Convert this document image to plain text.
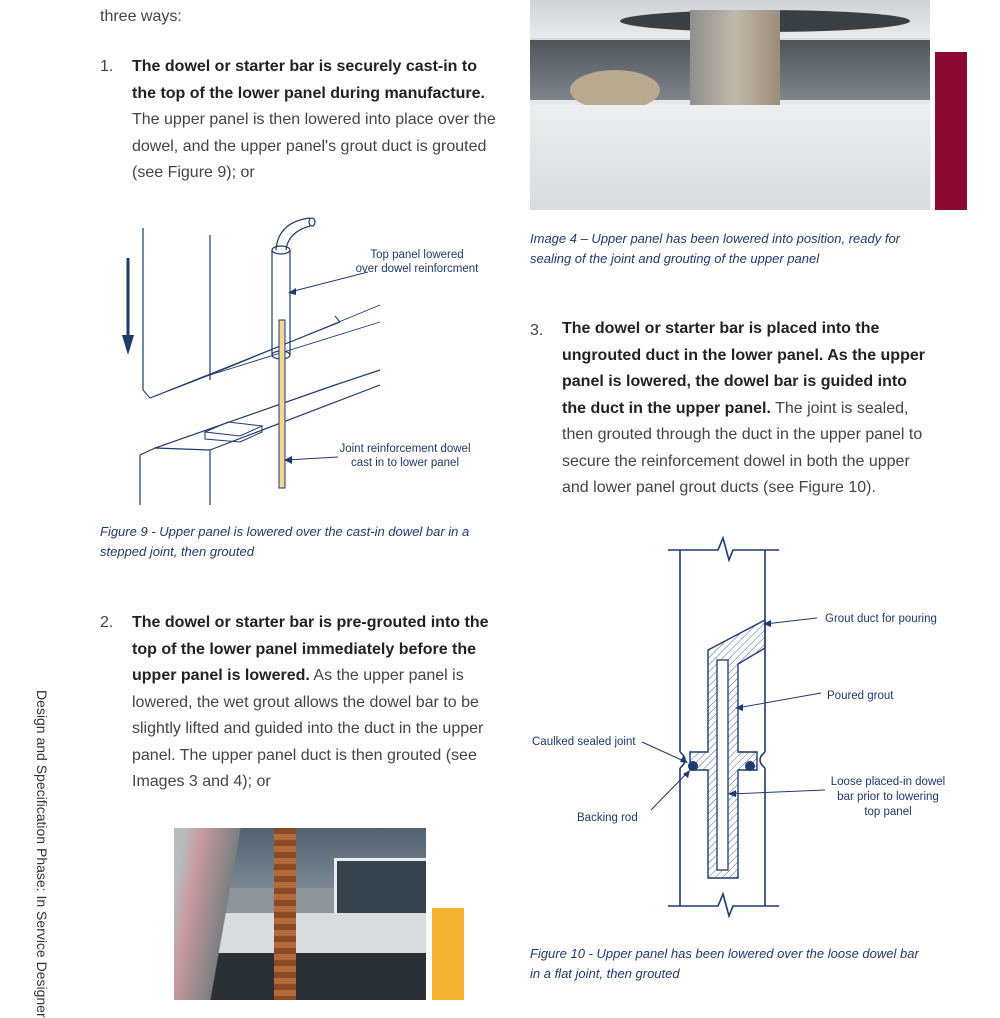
three ways:
1. The dowel or starter bar is securely cast-in to the top of the lower panel during manufacture. The upper panel is then lowered into place over the dowel, and the upper panel's grout duct is grouted (see Figure 9); or
Top panel lowered
over dowel reinforcment
Joint reinforcement dowel
cast in to lower panel
Figure 9 - Upper panel is lowered over the cast-in dowel bar in a stepped joint, then grouted
2. The dowel or starter bar is pre-grouted into the top of the lower panel immediately before the upper panel is lowered. As the upper panel is lowered, the wet grout allows the dowel bar to be slightly lifted and guided into the duct in the upper panel. The upper panel duct is then grouted (see Images 3 and 4); or
Image 4 – Upper panel has been lowered into position, ready for sealing of the joint and grouting of the upper panel
3. The dowel or starter bar is placed into the ungrouted duct in the lower panel. As the upper panel is lowered, the dowel bar is guided into the duct in the upper panel. The joint is sealed, then grouted through the duct in the upper panel to secure the reinforcement dowel in both the upper and lower panel grout ducts (see Figure 10).
Grout duct for pouring
Poured grout
Caulked sealed joint
Loose placed-in dowel
bar prior to lowering
top panel
Backing rod
Figure 10 - Upper panel has been lowered over the loose dowel bar in a flat joint, then grouted
Design and Specification Phase: In Service Designer
